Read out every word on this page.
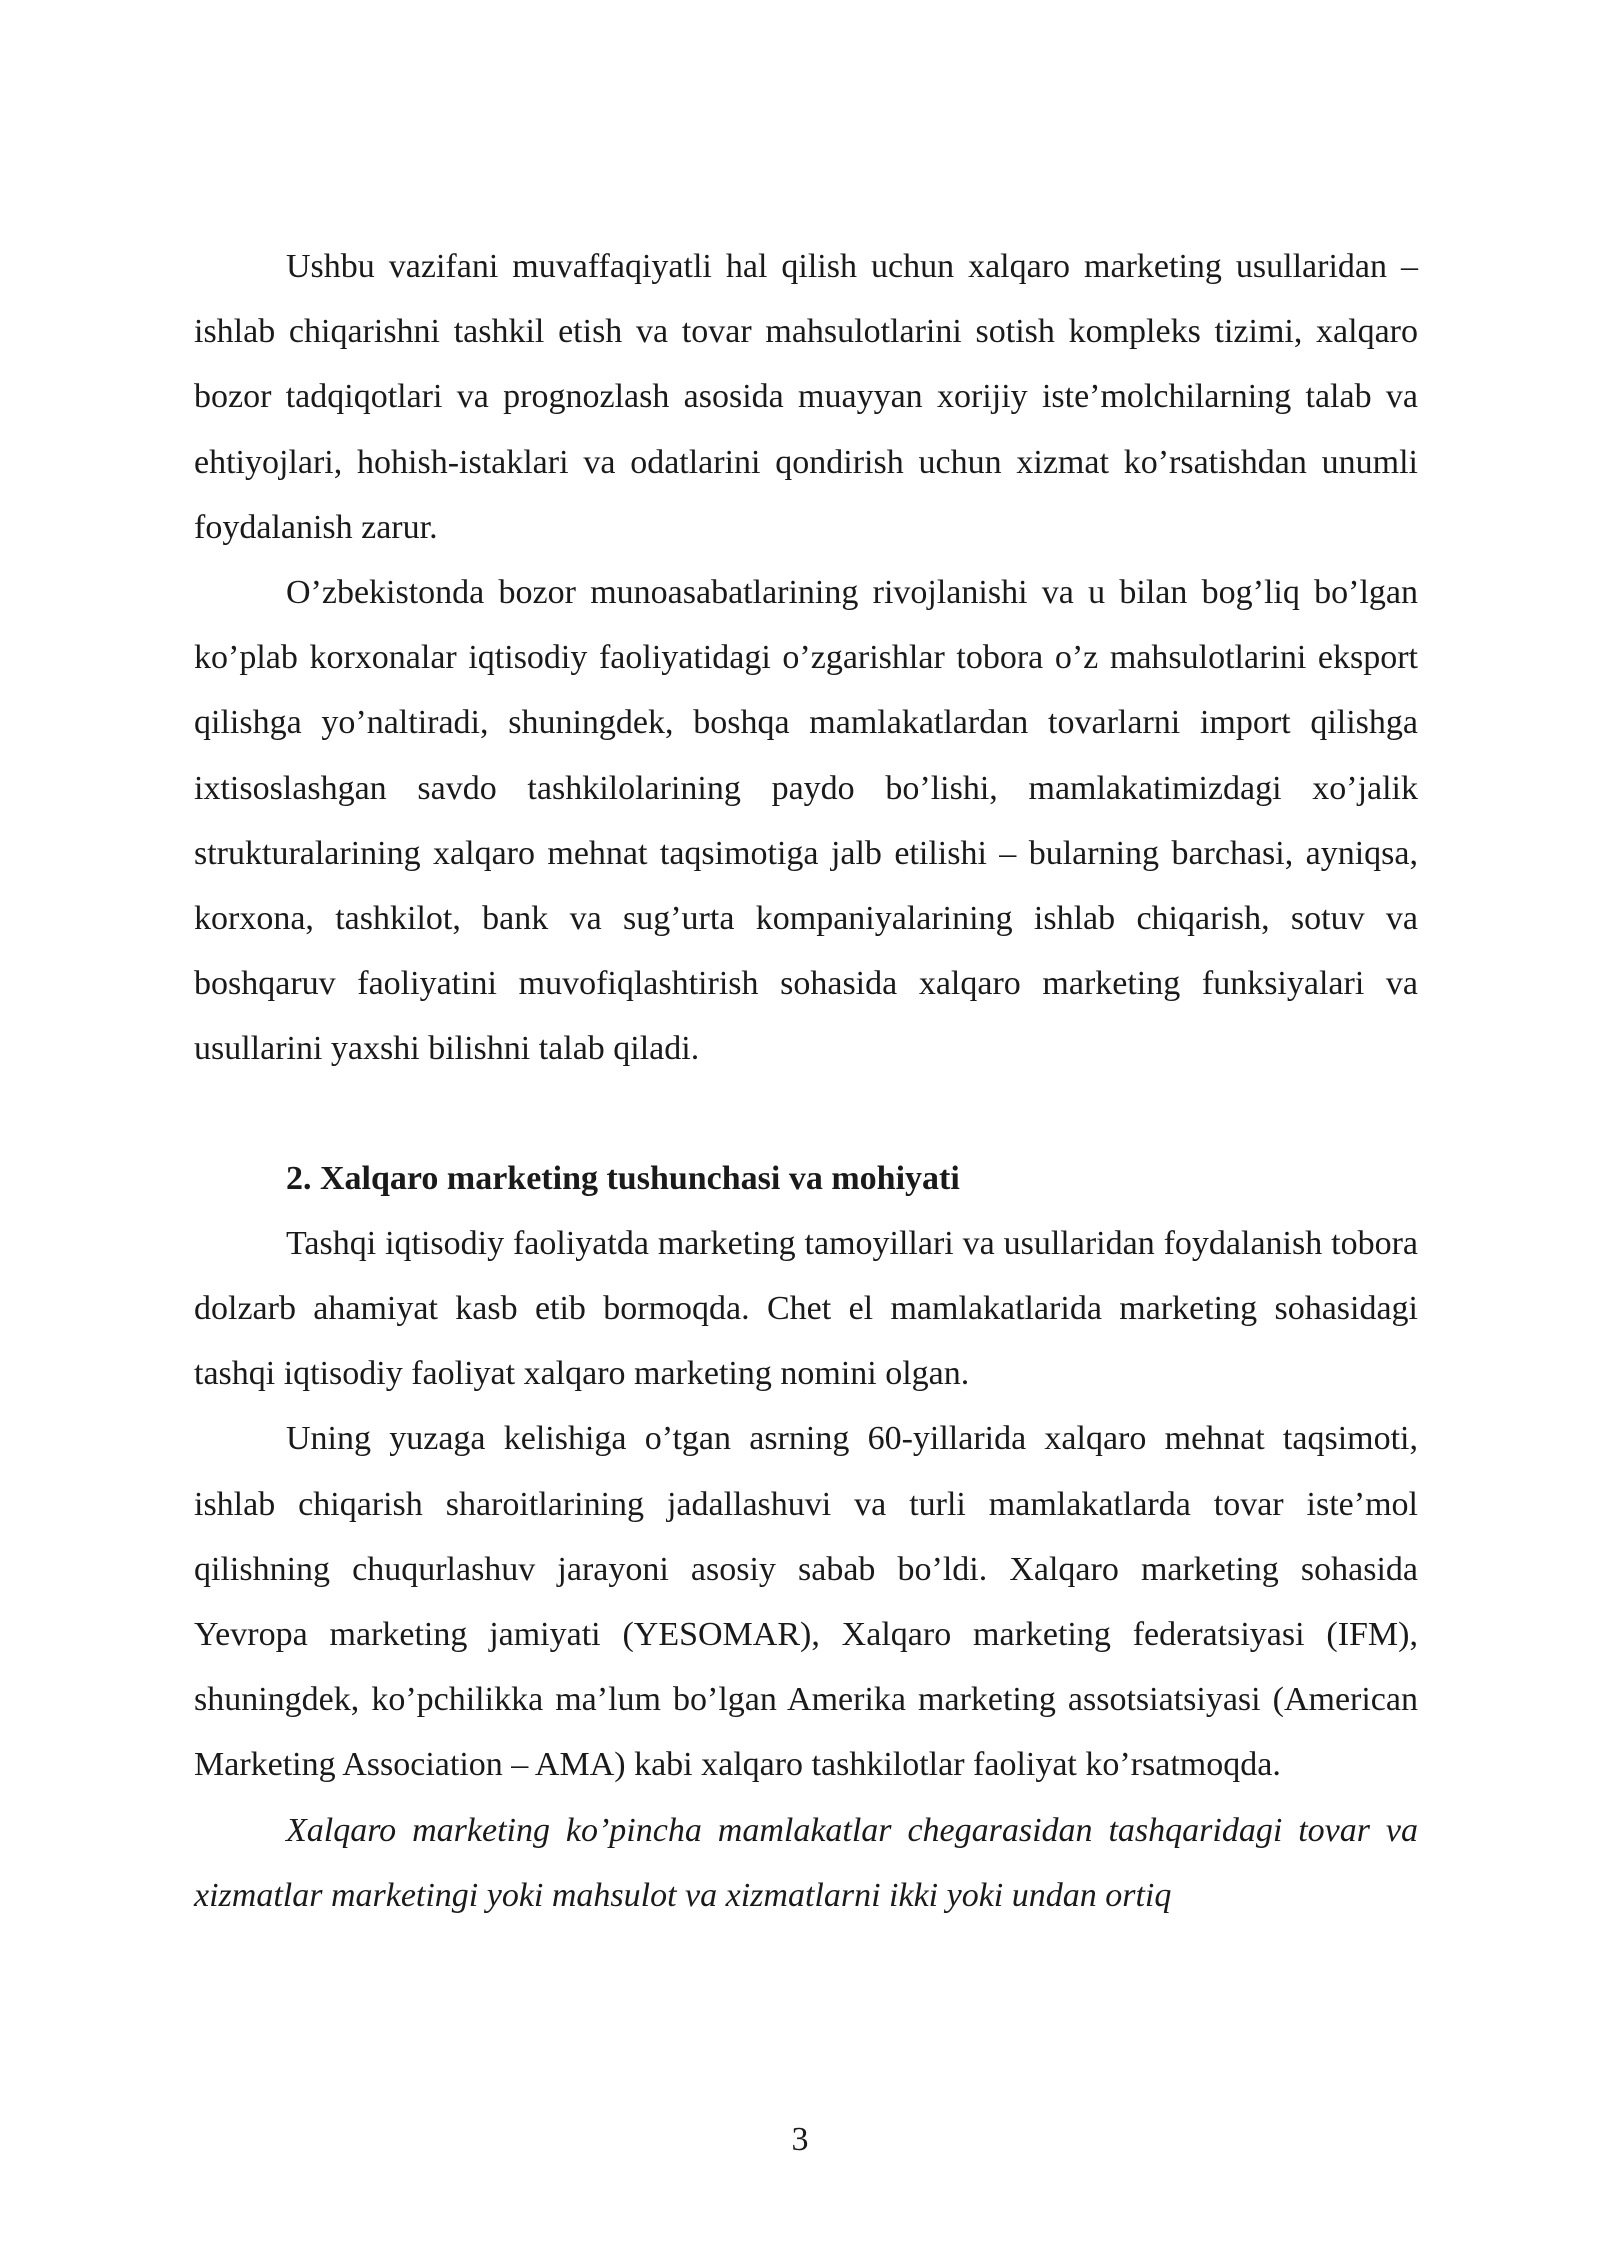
Ushbu vazifani muvaffaqiyatli hal qilish uchun xalqaro marketing usullaridan – ishlab chiqarishni tashkil etish va tovar mahsulotlarini sotish kompleks tizimi, xalqaro bozor tadqiqotlari va prognozlash asosida muayyan xorijiy iste’molchilarning talab va ehtiyojlari, hohish-istaklari va odatlarini qondirish uchun xizmat ko’rsatishdan unumli foydalanish zarur.

O’zbekistonda bozor munoasabatlarining rivojlanishi va u bilan bog’liq bo’lgan ko’plab korxonalar iqtisodiy faoliyatidagi o’zgarishlar tobora o’z mahsulotlarini eksport qilishga yo’naltiradi, shuningdek, boshqa mamlakatlardan tovarlarni import qilishga ixtisoslashgan savdo tashkilolarining paydo bo’lishi, mamlakatimizdagi xo’jalik strukturalarining xalqaro mehnat taqsimotiga jalb etilishi – bularning barchasi, ayniqsa, korxona, tashkilot, bank va sug’urta kompaniyalarining ishlab chiqarish, sotuv va boshqaruv faoliyatini muvofiqlashtirish sohasida xalqaro marketing funksiyalari va usullarini yaxshi bilishni talab qiladi.

2. Xalqaro marketing tushunchasi va mohiyati

Tashqi iqtisodiy faoliyatda marketing tamoyillari va usullaridan foydalanish tobora dolzarb ahamiyat kasb etib bormoqda. Chet el mamlakatlarida marketing sohasidagi tashqi iqtisodiy faoliyat xalqaro marketing nomini olgan.

Uning yuzaga kelishiga o’tgan asrning 60-yillarida xalqaro mehnat taqsimoti, ishlab chiqarish sharoitlarining jadallashuvi va turli mamlakatlarda tovar iste’mol qilishning chuqurlashuv jarayoni asosiy sabab bo’ldi. Xalqaro marketing sohasida Yevropa marketing jamiyati (YESOMAR), Xalqaro marketing federatsiyasi (IFM), shuningdek, ko’pchilikka ma’lum bo’lgan Amerika marketing assotsiatsiyasi (American Marketing Association – AMA) kabi xalqaro tashkilotlar faoliyat ko’rsatmoqda.

Xalqaro marketing ko’pincha mamlakatlar chegarasidan tashqaridagi tovar va xizmatlar marketingi yoki mahsulot va xizmatlarni ikki yoki undan ortiq

3
